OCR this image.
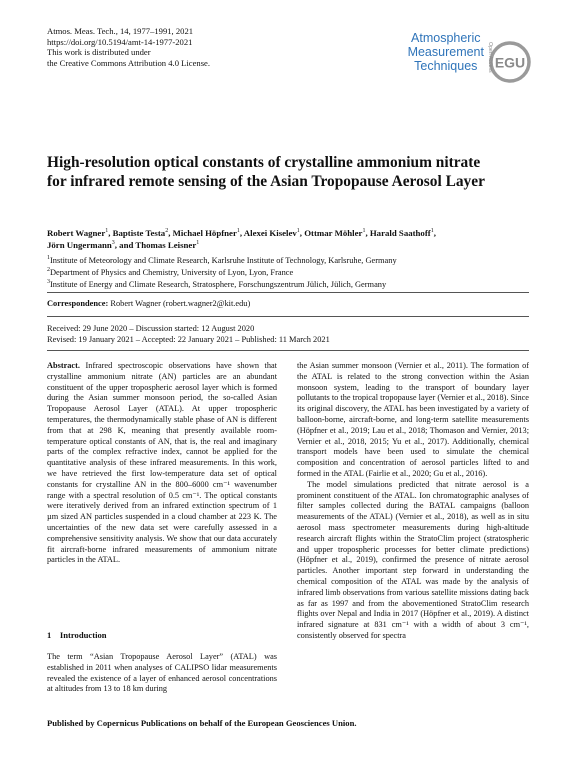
Atmos. Meas. Tech., 14, 1977–1991, 2021
https://doi.org/10.5194/amt-14-1977-2021
This work is distributed under
the Creative Commons Attribution 4.0 License.
Atmospheric
Measurement
Techniques	EGU
Open Access
High-resolution optical constants of crystalline ammonium nitrate for infrared remote sensing of the Asian Tropopause Aerosol Layer
Robert Wagner$^1$, Baptiste Testa$^2$, Michael Höpfner$^1$, Alexei Kiselev$^1$, Ottmar Möhler$^1$, Harald Saathoff$^1$,
Jörn Ungermann$^3$, and Thomas Leisner$^1$
$^1$Institute of Meteorology and Climate Research, Karlsruhe Institute of Technology, Karlsruhe, Germany
$^2$Department of Physics and Chemistry, University of Lyon, Lyon, France
$^3$Institute of Energy and Climate Research, Stratosphere, Forschungszentrum Jülich, Jülich, Germany
Correspondence: Robert Wagner (robert.wagner2@kit.edu)
Received: 29 June 2020 – Discussion started: 12 August 2020
Revised: 19 January 2021 – Accepted: 22 January 2021 – Published: 11 March 2021

Abstract. Infrared spectroscopic observations have shown that crystalline ammonium nitrate (AN) particles are an abundant constituent of the upper tropospheric aerosol layer which is formed during the Asian summer monsoon period, the so-called Asian Tropopause Aerosol Layer (ATAL). At upper tropospheric temperatures, the thermodynamically stable phase of AN is different from that at 298 K, meaning that presently available room-temperature optical constants of AN, that is, the real and imaginary parts of the complex refractive index, cannot be applied for the quantitative analysis of these infrared measurements. In this work, we have retrieved the first low-temperature data set of optical constants for crystalline AN in the 800–6000 cm⁻¹ wavenumber range with a spectral resolution of 0.5 cm⁻¹. The optical constants were iteratively derived from an infrared extinction spectrum of 1 µm sized AN particles suspended in a cloud chamber at 223 K. The uncertainties of the new data set were carefully assessed in a comprehensive sensitivity analysis. We show that our data accurately fit aircraft-borne infrared measurements of ammonium nitrate particles in the ATAL.

1 Introduction

The term “Asian Tropopause Aerosol Layer” (ATAL) was established in 2011 when analyses of CALIPSO lidar measurements revealed the existence of a layer of enhanced aerosol concentrations at altitudes from 13 to 18 km during

the Asian summer monsoon (Vernier et al., 2011). The formation of the ATAL is related to the strong convection within the Asian monsoon system, leading to the transport of boundary layer pollutants to the tropical tropopause layer (Vernier et al., 2018). Since its original discovery, the ATAL has been investigated by a variety of balloon-borne, aircraft-borne, and long-term satellite measurements (Höpfner et al., 2019; Lau et al., 2018; Thomason and Vernier, 2013; Vernier et al., 2018, 2015; Yu et al., 2017). Additionally, chemical transport models have been used to simulate the chemical composition and concentration of aerosol particles lifted to and formed in the ATAL (Fairlie et al., 2020; Gu et al., 2016).

The model simulations predicted that nitrate aerosol is a prominent constituent of the ATAL. Ion chromatographic analyses of filter samples collected during the BATAL campaigns (balloon measurements of the ATAL) (Vernier et al., 2018), as well as in situ aerosol mass spectrometer measurements during high-altitude research aircraft flights within the StratoClim project (stratospheric and upper tropospheric processes for better climate predictions) (Höpfner et al., 2019), confirmed the presence of nitrate aerosol particles. Another important step forward in understanding the chemical composition of the ATAL was made by the analysis of infrared limb observations from various satellite missions dating back as far as 1997 and from the abovementioned StratoClim research flights over Nepal and India in 2017 (Höpfner et al., 2019). A distinct infrared signature at 831 cm⁻¹ with a width of about 3 cm⁻¹, consistently observed for spectra

Published by Copernicus Publications on behalf of the European Geosciences Union.
